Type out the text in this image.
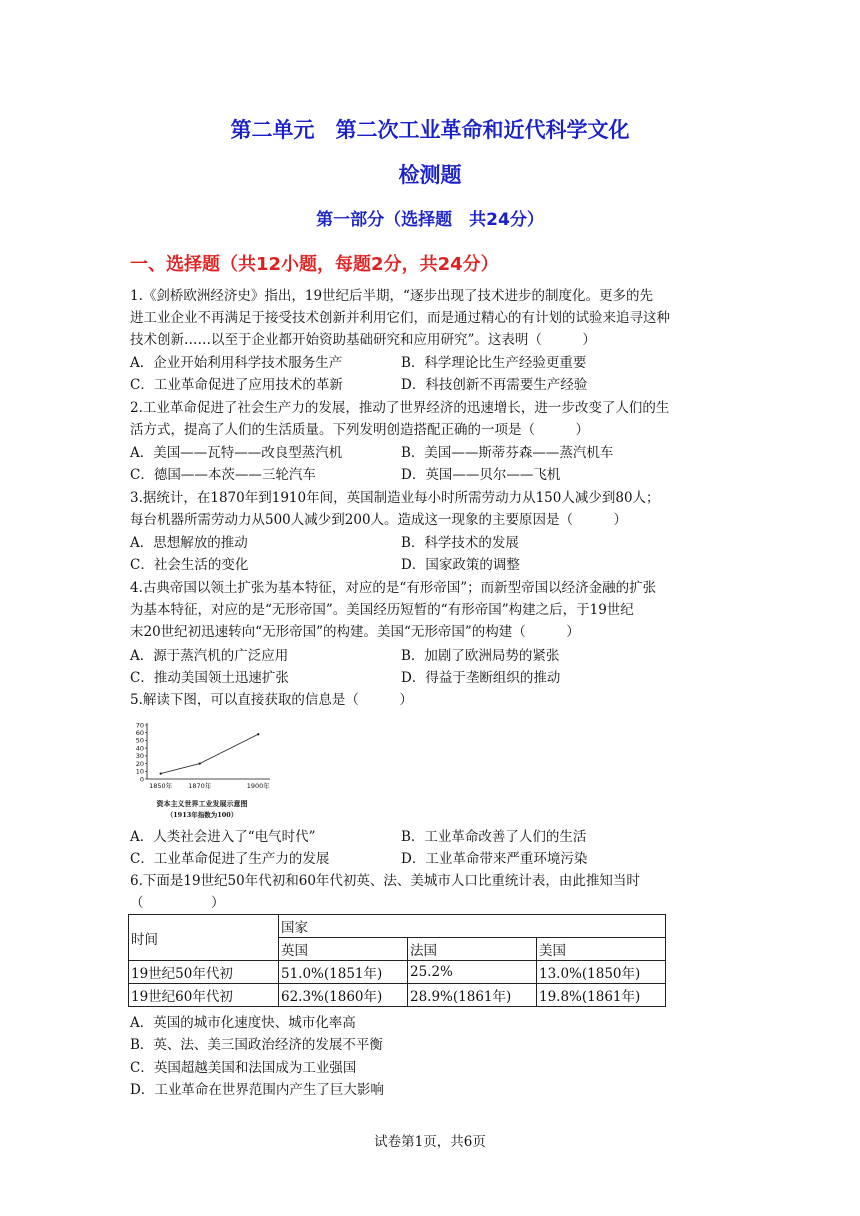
第二单元　第二次工业革命和近代科学文化
检测题
第一部分（选择题　共24分）
一、选择题（共12小题，每题2分，共24分）
1.《剑桥欧洲经济史》指出，19世纪后半期，“逐步出现了技术进步的制度化。更多的先
进工业企业不再满足于接受技术创新并利用它们，而是通过精心的有计划的试验来追寻这种
技术创新……以至于企业都开始资助基础研究和应用研究”。这表明（　　　）
A．企业开始利用科学技术服务生产	B．科学理论比生产经验更重要
C．工业革命促进了应用技术的革新	D．科技创新不再需要生产经验
2.工业革命促进了社会生产力的发展，推动了世界经济的迅速增长，进一步改变了人们的生
活方式，提高了人们的生活质量。下列发明创造搭配正确的一项是（　　　）
A．美国——瓦特——改良型蒸汽机	B．美国——斯蒂芬森——蒸汽机车
C．德国——本茨——三轮汽车	D．英国——贝尔——飞机
3.据统计，在1870年到1910年间，英国制造业每小时所需劳动力从150人减少到80人；
每台机器所需劳动力从500人减少到200人。造成这一现象的主要原因是（　　　）
A．思想解放的推动	B．科学技术的发展
C．社会生活的变化	D．国家政策的调整
4.古典帝国以领土扩张为基本特征，对应的是“有形帝国”；而新型帝国以经济金融的扩张
为基本特征，对应的是“无形帝国”。美国经历短暂的“有形帝国”构建之后，于19世纪
末20世纪初迅速转向“无形帝国”的构建。美国“无形帝国”的构建（　　　）
A．源于蒸汽机的广泛应用	B．加剧了欧洲局势的紧张
C．推动美国领土迅速扩张	D．得益于垄断组织的推动
5.解读下图，可以直接获取的信息是（　　　）
0
10
20
30
40
50
60
70
1850年 1870年	1900年
资本主义世界工业发展示意图
（1913年指数为100）
A．人类社会进入了“电气时代”	B．工业革命改善了人们的生活
C．工业革命促进了生产力的发展	D．工业革命带来严重环境污染
6.下面是19世纪50年代初和60年代初英、法、美城市人口比重统计表，由此推知当时
（　　　　　）
时间	国家		
	英国	法国	美国
19世纪50年代初	51.0%(1851年)	25.2%	13.0%(1850年)
19世纪60年代初	62.3%(1860年)	28.9%(1861年)	19.8%(1861年)
A．英国的城市化速度快、城市化率高
B．英、法、美三国政治经济的发展不平衡
C．英国超越美国和法国成为工业强国
D．工业革命在世界范围内产生了巨大影响
试卷第1页，共6页
